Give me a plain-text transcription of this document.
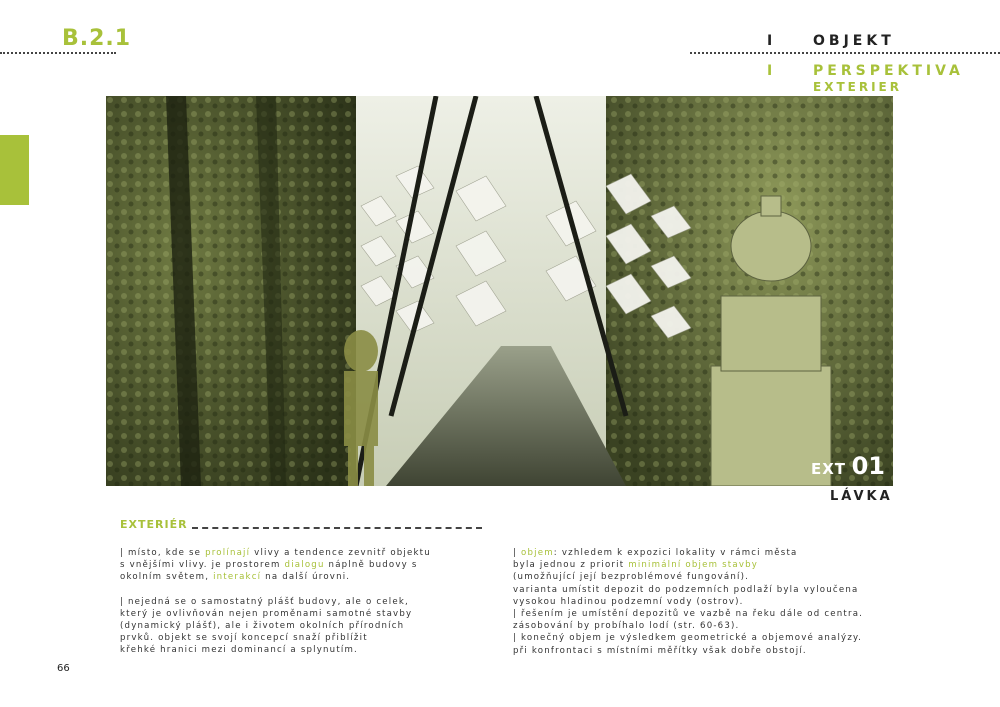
B.2.1	I	OBJEKT
I	PERSPEKTIVA
EXTERIER
EXT 01
LÁVKA
EXTERIÉR
| místo, kde se prolínají vlivy a tendence zevnitř objektu
s vnějšími vlivy. je prostorem dialogu náplně budovy s
okolním světem, interakcí na další úrovni.
| nejedná se o samostatný plášť budovy, ale o celek,
který je ovlivňován nejen proměnami samotné stavby
(dynamický plášť), ale i životem okolních přírodních
prvků. objekt se svojí koncepcí snaží přiblížit
křehké hranici mezi dominancí a splynutím.
| objem: vzhledem k expozici lokality v rámci města
byla jednou z priorit minimální objem stavby
(umožňující její bezproblémové fungování).
varianta umístit depozit do podzemních podlaží byla vyloučena
vysokou hladinou podzemní vody (ostrov).
| řešením je umístění depozitů ve vazbě na řeku dále od centra.
zásobování by probíhalo lodí (str. 60-63).
| konečný objem je výsledkem geometrické a objemové analýzy.
při konfrontaci s místními měřítky však dobře obstojí.
66
